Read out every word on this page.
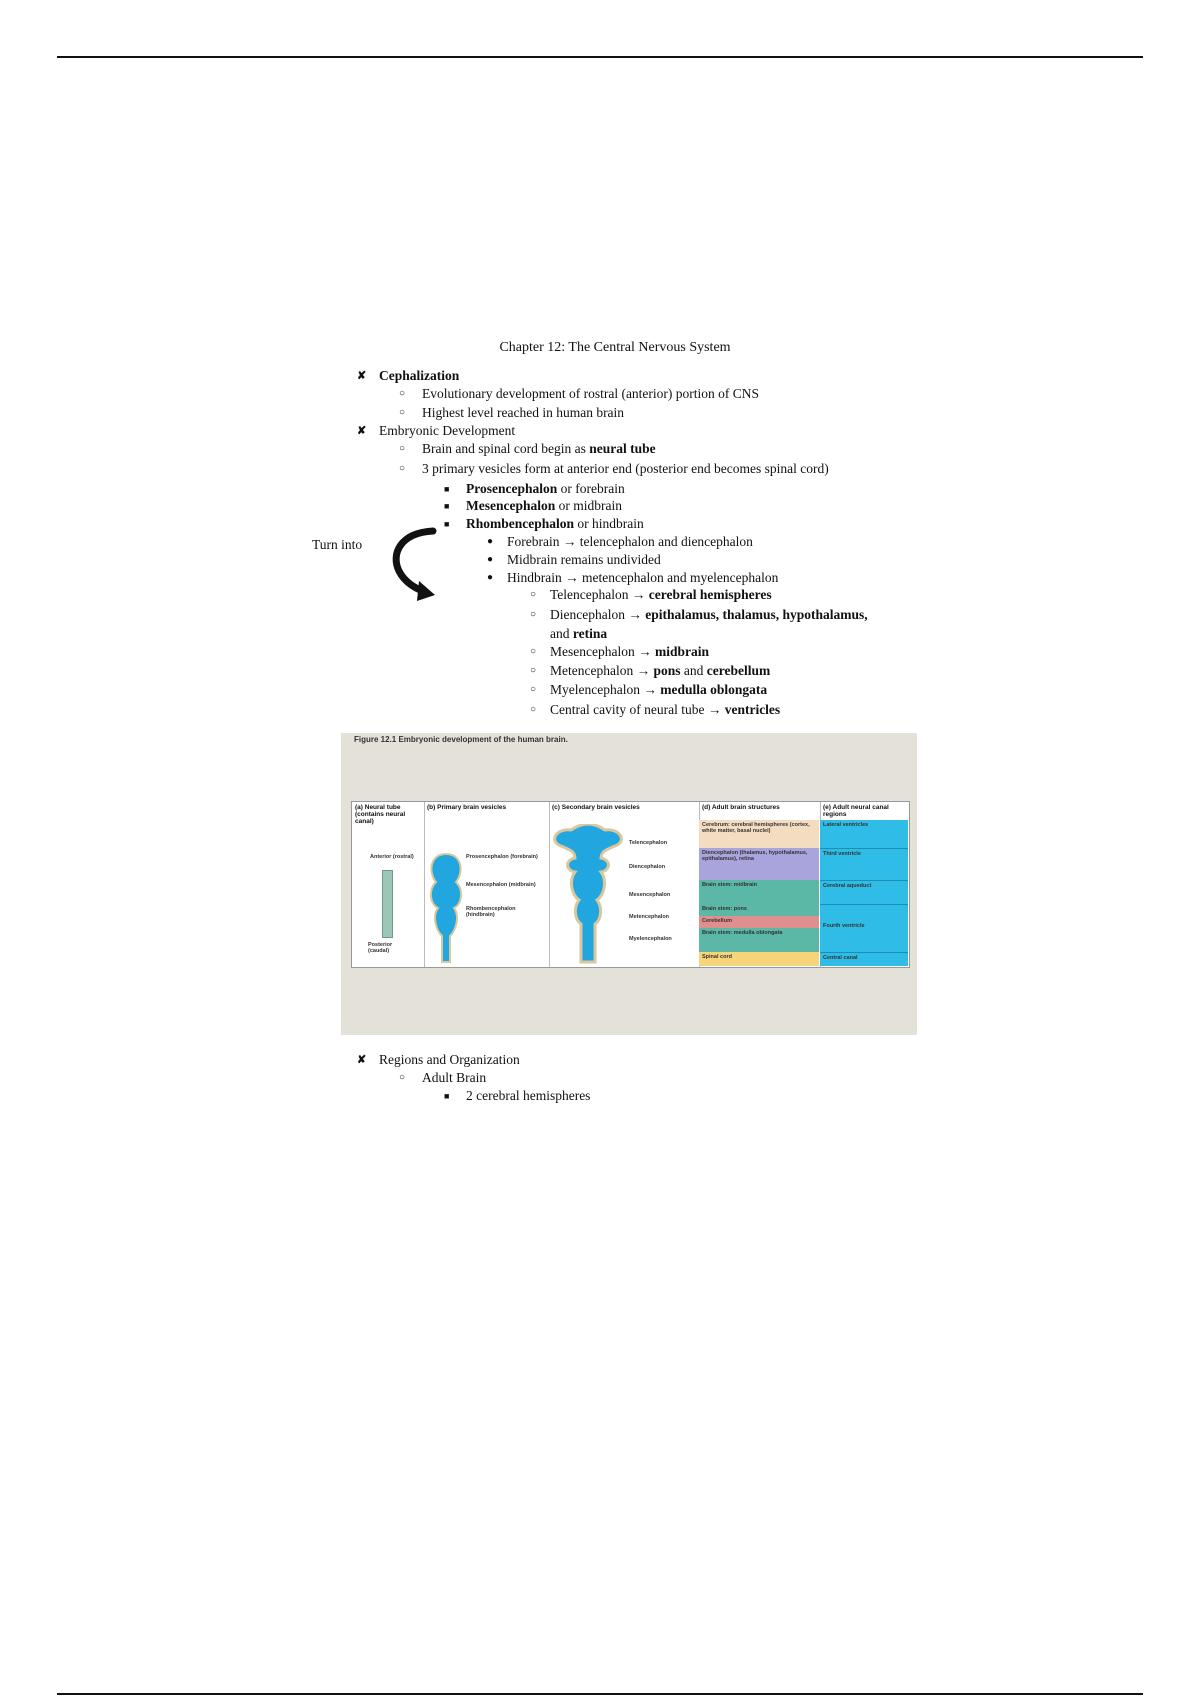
Chapter 12: The Central Nervous System
✘ Cephalization
○ Evolutionary development of rostral (anterior) portion of CNS
○ Highest level reached in human brain
✘ Embryonic Development
○ Brain and spinal cord begin as neural tube
○ 3 primary vesicles form at anterior end (posterior end becomes spinal cord)
■ Prosencephalon or forebrain
■ Mesencephalon or midbrain
■ Rhombencephalon or hindbrain
Turn into	● Forebrain → telencephalon and diencephalon
● Midbrain remains undivided
● Hindbrain → metencephalon and myelencephalon
○ Telencephalon → cerebral hemispheres
○ Diencephalon → epithalamus, thalamus, hypothalamus,
and retina
○ Mesencephalon → midbrain
○ Metencephalon → pons and cerebellum
○ Myelencephalon → medulla oblongata
○ Central cavity of neural tube → ventricles
Figure 12.1 Embryonic development of the human brain.
(a) Neural tube (contains neural canal)
Anterior (rostral)
Posterior (caudal)
(b) Primary brain vesicles
Prosencephalon (forebrain)
Mesencephalon (midbrain)
Rhombencephalon (hindbrain)
(c) Secondary brain vesicles
Telencephalon
Diencephalon
Mesencephalon
Metencephalon
Myelencephalon
(d) Adult brain structures
Cerebrum: cerebral hemispheres (cortex, white matter, basal nuclei)
Diencephalon (thalamus, hypothalamus, epithalamus), retina
Brain stem: midbrain
Brain stem: pons
Cerebellum
Brain stem: medulla oblongata
Spinal cord
(e) Adult neural canal regions
Lateral ventricles
Third ventricle
Cerebral aqueduct
Fourth ventricle
Central canal
✘ Regions and Organization
○ Adult Brain
■ 2 cerebral hemispheres
